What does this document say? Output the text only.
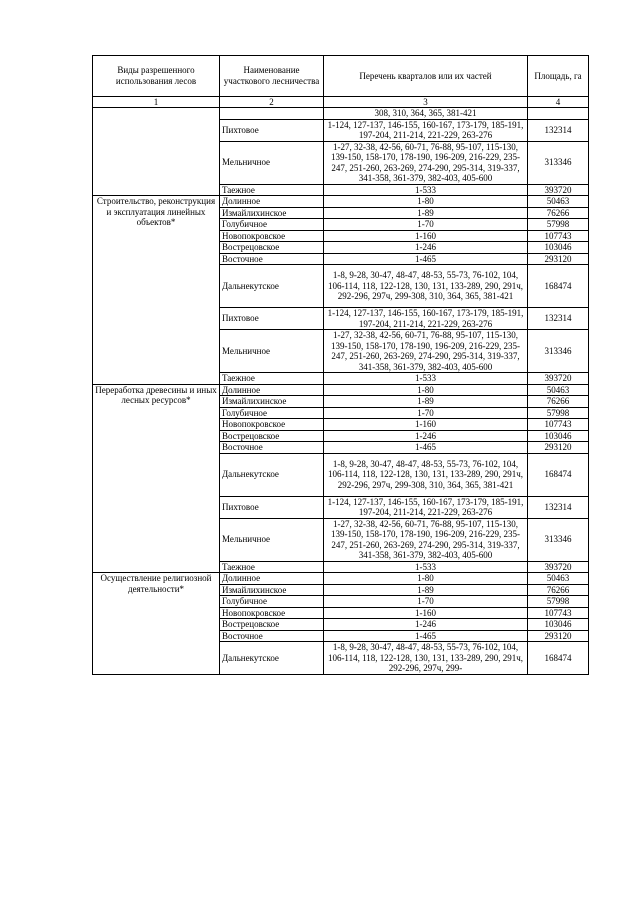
Виды разрешенного использования лесов	Наименование участкового лесничества	Перечень кварталов или их частей	Площадь, га
1	2	3	4
		308, 310, 364, 365, 381-421	
	Пихтовое	1-124, 127-137, 146-155, 160-167, 173-179, 185-191, 197-204, 211-214, 221-229, 263-276	132314
	Мельничное	1-27, 32-38, 42-56, 60-71, 76-88, 95-107, 115-130, 139-150, 158-170, 178-190, 196-209, 216-229, 235-247, 251-260, 263-269, 274-290, 295-314, 319-337, 341-358, 361-379, 382-403, 405-600	313346
	Таежное	1-533	393720
Строительство, реконструкция и эксплуатация линейных объектов*	Долинное	1-80	50463
	Измайлихинское	1-89	76266
	Голубичное	1-70	57998
	Новопокровское	1-160	107743
	Вострецовское	1-246	103046
	Восточное	1-465	293120
	Дальнекутское	1-8, 9-28, 30-47, 48-47, 48-53, 55-73, 76-102, 104, 106-114, 118, 122-128, 130, 131, 133-289, 290, 291ч, 292-296, 297ч, 299-308, 310, 364, 365, 381-421	168474
	Пихтовое	1-124, 127-137, 146-155, 160-167, 173-179, 185-191, 197-204, 211-214, 221-229, 263-276	132314
	Мельничное	1-27, 32-38, 42-56, 60-71, 76-88, 95-107, 115-130, 139-150, 158-170, 178-190, 196-209, 216-229, 235-247, 251-260, 263-269, 274-290, 295-314, 319-337, 341-358, 361-379, 382-403, 405-600	313346
	Таежное	1-533	393720
Переработка древесины и иных лесных ресурсов*	Долинное	1-80	50463
	Измайлихинское	1-89	76266
	Голубичное	1-70	57998
	Новопокровское	1-160	107743
	Вострецовское	1-246	103046
	Восточное	1-465	293120
	Дальнекутское	1-8, 9-28, 30-47, 48-47, 48-53, 55-73, 76-102, 104, 106-114, 118, 122-128, 130, 131, 133-289, 290, 291ч, 292-296, 297ч, 299-308, 310, 364, 365, 381-421	168474
	Пихтовое	1-124, 127-137, 146-155, 160-167, 173-179, 185-191, 197-204, 211-214, 221-229, 263-276	132314
	Мельничное	1-27, 32-38, 42-56, 60-71, 76-88, 95-107, 115-130, 139-150, 158-170, 178-190, 196-209, 216-229, 235-247, 251-260, 263-269, 274-290, 295-314, 319-337, 341-358, 361-379, 382-403, 405-600	313346
	Таежное	1-533	393720
Осуществление религиозной деятельности*	Долинное	1-80	50463
	Измайлихинское	1-89	76266
	Голубичное	1-70	57998
	Новопокровское	1-160	107743
	Вострецовское	1-246	103046
	Восточное	1-465	293120
	Дальнекутское	1-8, 9-28, 30-47, 48-47, 48-53, 55-73, 76-102, 104, 106-114, 118, 122-128, 130, 131, 133-289, 290, 291ч, 292-296, 297ч, 299-	168474
